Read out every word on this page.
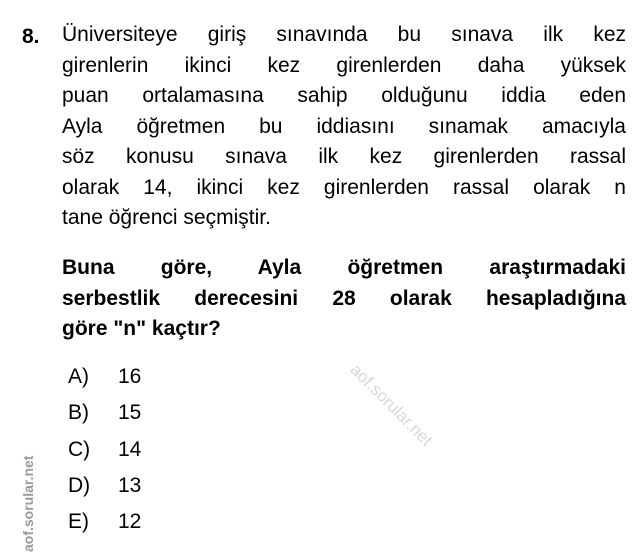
8. Üniversiteye giriş sınavında bu sınava ilk kez
girenlerin ikinci kez girenlerden daha yüksek
puan ortalamasına sahip olduğunu iddia eden
Ayla öğretmen bu iddiasını sınamak amacıyla
söz konusu sınava ilk kez girenlerden rassal
olarak 14, ikinci kez girenlerden rassal olarak n
tane öğrenci seçmiştir.
Buna göre, Ayla öğretmen araştırmadaki
serbestlik derecesini 28 olarak hesapladığına
göre "n" kaçtır?
A)	16
B)	15
C)	14
D)	13
E)	12
aof.sorular.net
aof.sorular.net
